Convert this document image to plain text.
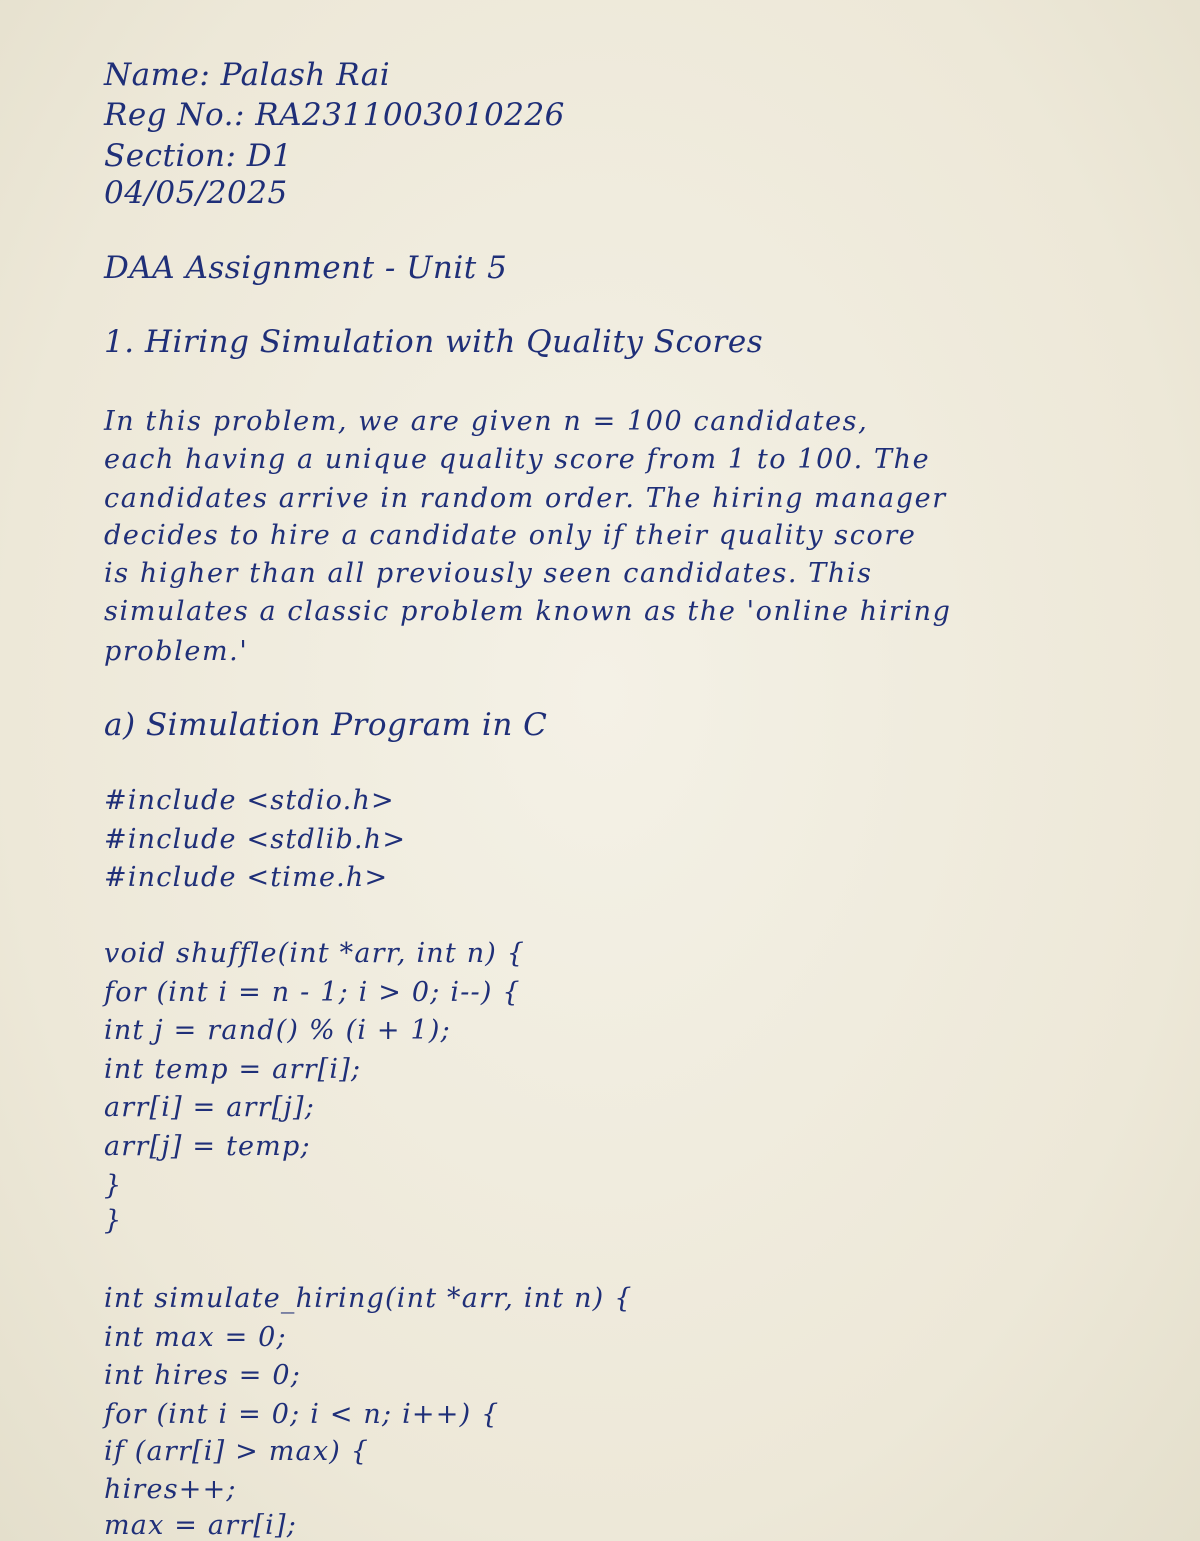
Name: Palash Rai
Reg No.: RA2311003010226
Section: D1
04/05/2025
DAA Assignment - Unit 5
1. Hiring Simulation with Quality Scores
In this problem, we are given n = 100 candidates,
each having a unique quality score from 1 to 100. The
candidates arrive in random order. The hiring manager
decides to hire a candidate only if their quality score
is higher than all previously seen candidates. This
simulates a classic problem known as the 'online hiring
problem.'
a) Simulation Program in C
#include <stdio.h>
#include <stdlib.h>
#include <time.h>
void shuffle(int *arr, int n) {
for (int i = n - 1; i > 0; i--) {
int j = rand() % (i + 1);
int temp = arr[i];
arr[i] = arr[j];
arr[j] = temp;
}
}
int simulate_hiring(int *arr, int n) {
int max = 0;
int hires = 0;
for (int i = 0; i < n; i++) {
if (arr[i] > max) {
hires++;
max = arr[i];
